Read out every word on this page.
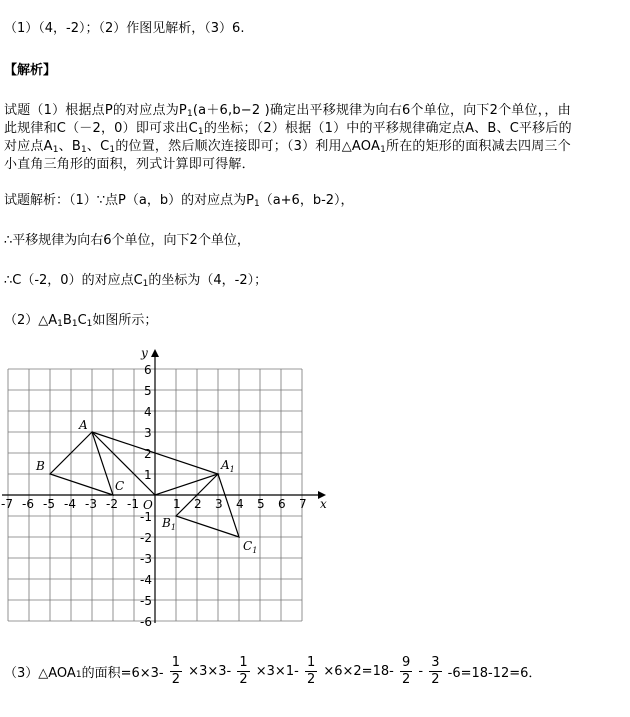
（1）（4，-2）；（2）作图见解析，（3）6.
【解析】
试题（1）根据点P的对应点为$P_1(a+6,b-2$ )确定出平移规律为向右6个单位，向下2个单位，，由
此规律和C（－2，0）即可求出$C_1$的坐标；（2）根据（1）中的平移规律确定点A、B、C平移后的
对应点$A_1$、$B_1$、$C_1$的位置，然后顺次连接即可；（3）利用$\triangle AOA_1$所在的矩形的面积减去四周三个
小直角三角形的面积，列式计算即可得解．
试题解析：（1）∵点P（a，b）的对应点为$P_1(a+6$，b-2），
∴平移规律为向右6个单位，向下2个单位，
∴C（-2，0）的对应点$C_1$的坐标为（4，-2）；
$(2)\triangle A_1B_1C_1$如图所示；
x
y
O
-7 -6 -5 -4 -3 -2 -1	1 2 3 4 5 6 7
6
5
4
3
2
1
-1
-2
-3
-4
-5
-6
A
B
C
$A_1$
$B_1$
$C_1$
$(3)\triangle AOA_1$的面积$=6\times 3- \frac{1}{2} \times 3\times 3- \frac{1}{2} \times 3\times 1- \frac{1}{2} \times 6\times 2=18- \frac{9}{2} - \frac{3}{2} -6=18-12=6$．
